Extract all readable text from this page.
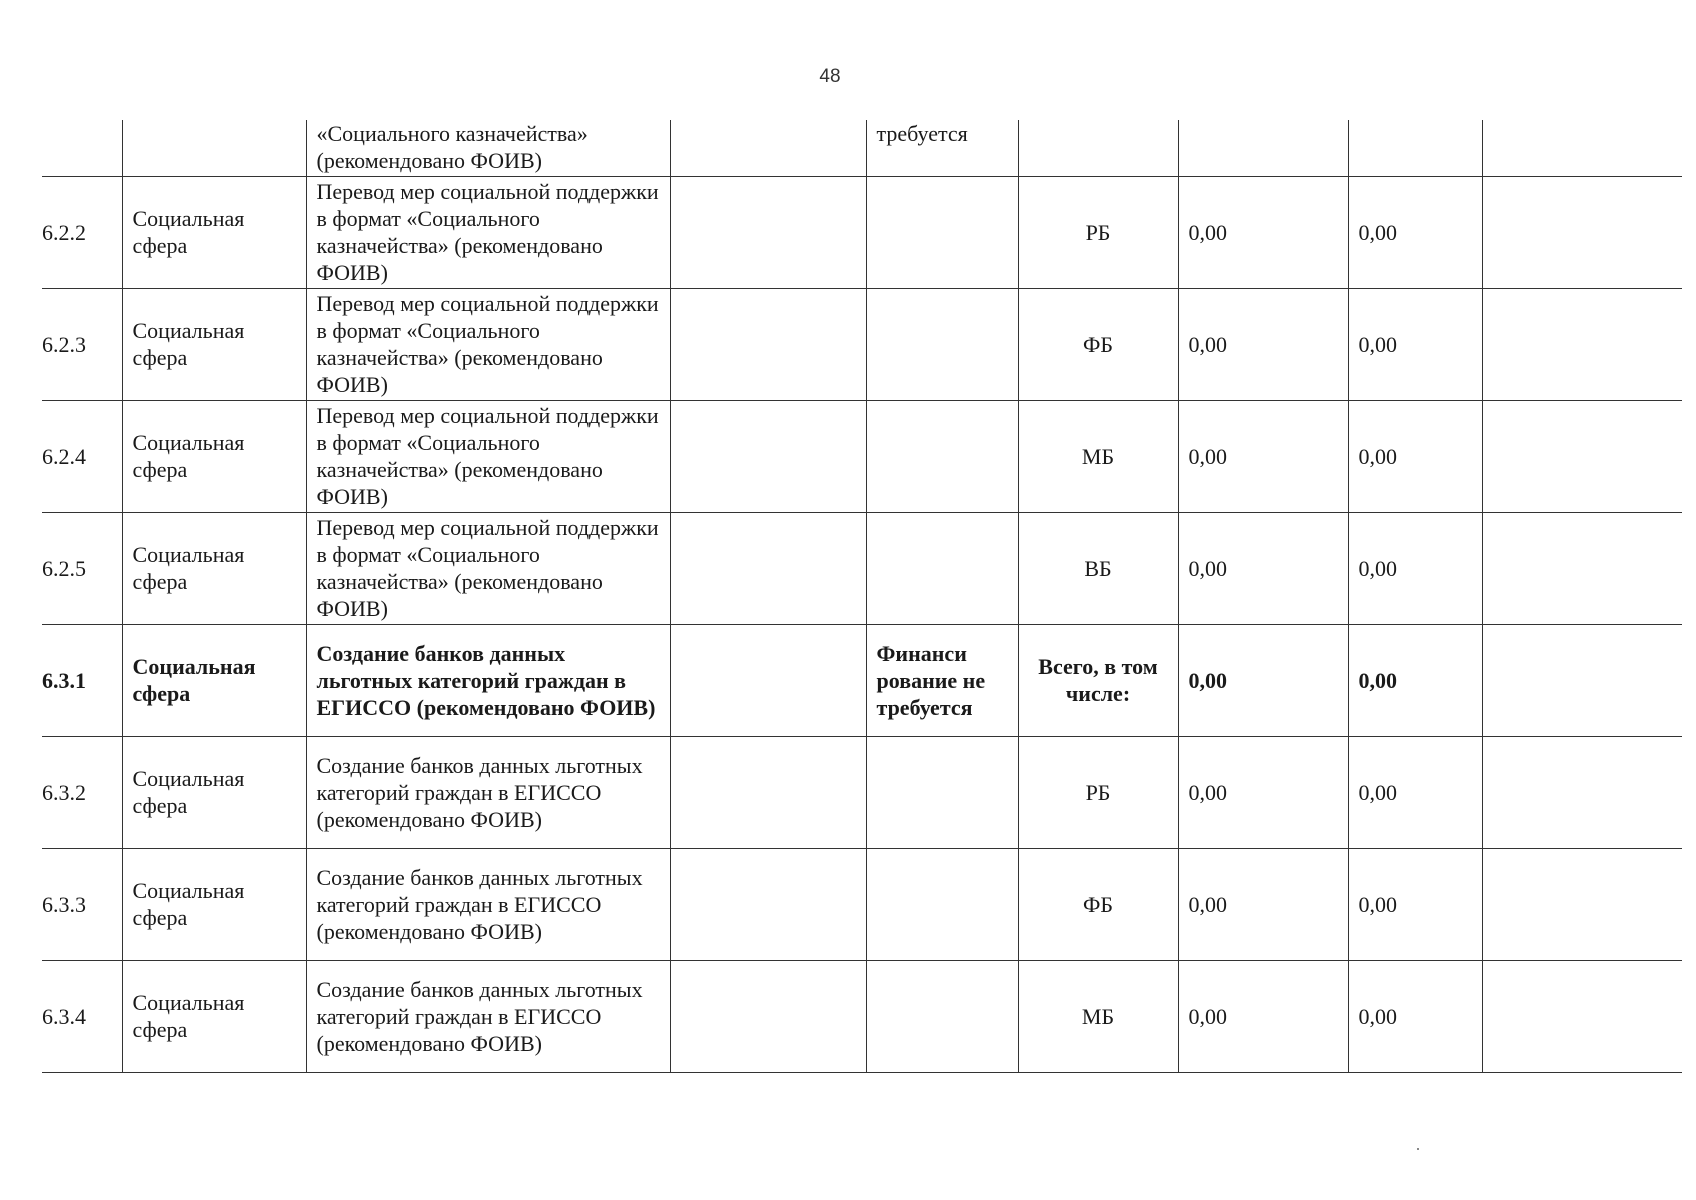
48
		«Социального казначейства» (рекомендовано ФОИВ)		требуется				
6.2.2	Социальная сфера	Перевод мер социальной поддержки в формат «Социального казначейства» (рекомендовано ФОИВ)			РБ	0,00	0,00	
6.2.3	Социальная сфера	Перевод мер социальной поддержки в формат «Социального казначейства» (рекомендовано ФОИВ)			ФБ	0,00	0,00	
6.2.4	Социальная сфера	Перевод мер социальной поддержки в формат «Социального казначейства» (рекомендовано ФОИВ)			МБ	0,00	0,00	
6.2.5	Социальная сфера	Перевод мер социальной поддержки в формат «Социального казначейства» (рекомендовано ФОИВ)			ВБ	0,00	0,00	
6.3.1	Социальная сфера	Создание банков данных льготных категорий граждан в ЕГИССО (рекомендовано ФОИВ)		Финанси рование не требуется	Всего, в том числе:	0,00	0,00	
6.3.2	Социальная сфера	Создание банков данных льготных категорий граждан в ЕГИССО (рекомендовано ФОИВ)			РБ	0,00	0,00	
6.3.3	Социальная сфера	Создание банков данных льготных категорий граждан в ЕГИССО (рекомендовано ФОИВ)			ФБ	0,00	0,00	
6.3.4	Социальная сфера	Создание банков данных льготных категорий граждан в ЕГИССО (рекомендовано ФОИВ)			МБ	0,00	0,00	
